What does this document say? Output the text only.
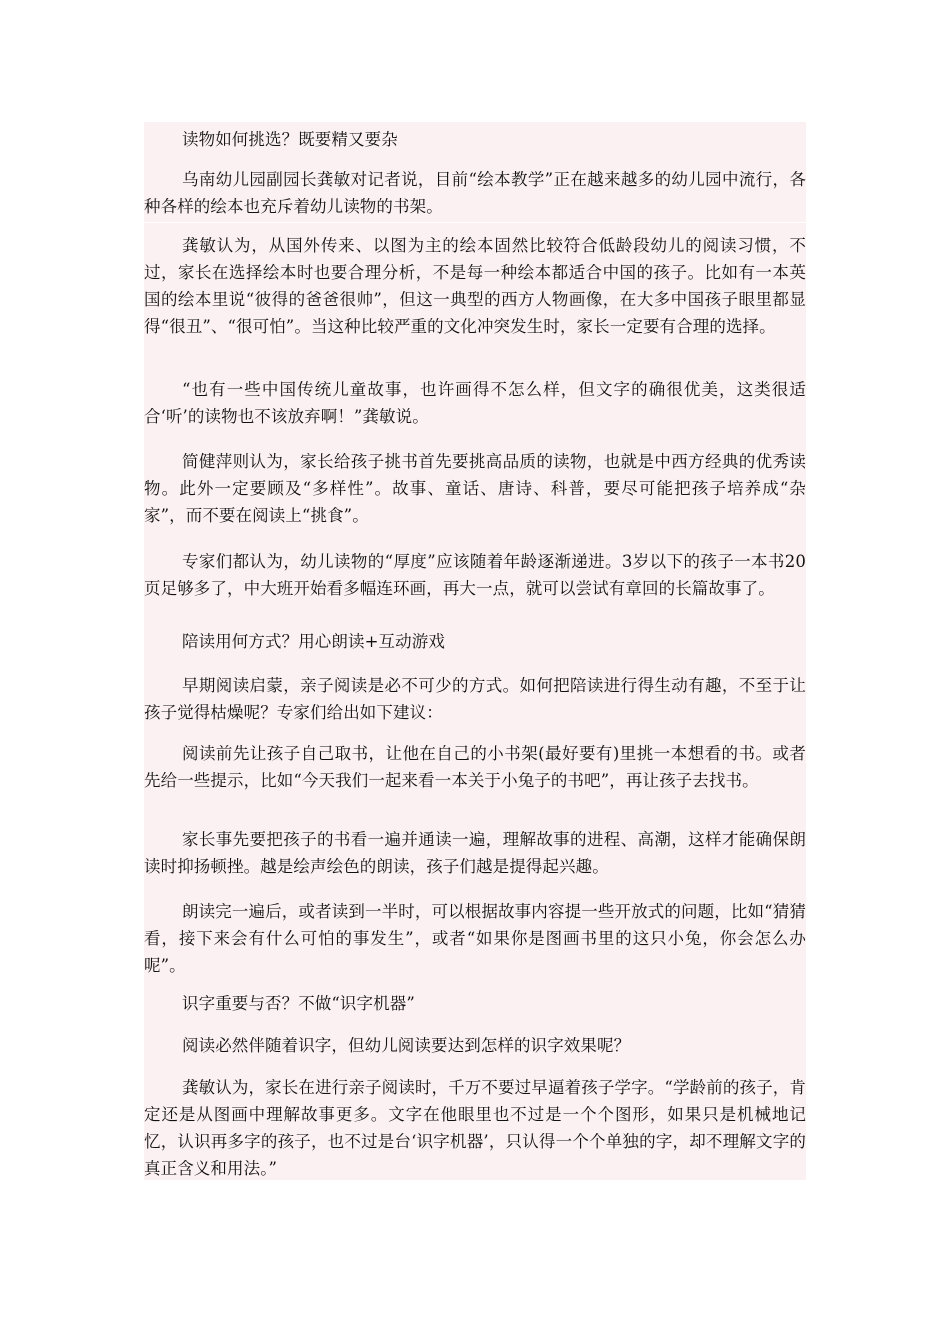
读物如何挑选？既要精又要杂

乌南幼儿园副园长龚敏对记者说，目前“绘本教学”正在越来越多的幼儿园中流行，各种各样的绘本也充斥着幼儿读物的书架。

龚敏认为，从国外传来、以图为主的绘本固然比较符合低龄段幼儿的阅读习惯，不过，家长在选择绘本时也要合理分析，不是每一种绘本都适合中国的孩子。比如有一本英国的绘本里说“彼得的爸爸很帅”，但这一典型的西方人物画像，在大多中国孩子眼里都显得“很丑”、“很可怕”。当这种比较严重的文化冲突发生时，家长一定要有合理的选择。

“也有一些中国传统儿童故事，也许画得不怎么样，但文字的确很优美，这类很适合‘听’的读物也不该放弃啊！”龚敏说。

简健萍则认为，家长给孩子挑书首先要挑高品质的读物，也就是中西方经典的优秀读物。此外一定要顾及“多样性”。故事、童话、唐诗、科普，要尽可能把孩子培养成“杂家”，而不要在阅读上“挑食”。

专家们都认为，幼儿读物的“厚度”应该随着年龄逐渐递进。3岁以下的孩子一本书20页足够多了，中大班开始看多幅连环画，再大一点，就可以尝试有章回的长篇故事了。

陪读用何方式？用心朗读+互动游戏

早期阅读启蒙，亲子阅读是必不可少的方式。如何把陪读进行得生动有趣，不至于让孩子觉得枯燥呢？专家们给出如下建议：

阅读前先让孩子自己取书，让他在自己的小书架(最好要有)里挑一本想看的书。或者先给一些提示，比如“今天我们一起来看一本关于小兔子的书吧”，再让孩子去找书。

家长事先要把孩子的书看一遍并通读一遍，理解故事的进程、高潮，这样才能确保朗读时抑扬顿挫。越是绘声绘色的朗读，孩子们越是提得起兴趣。

朗读完一遍后，或者读到一半时，可以根据故事内容提一些开放式的问题，比如“猜猜看，接下来会有什么可怕的事发生”，或者“如果你是图画书里的这只小兔，你会怎么办呢”。

识字重要与否？不做“识字机器”

阅读必然伴随着识字，但幼儿阅读要达到怎样的识字效果呢？

龚敏认为，家长在进行亲子阅读时，千万不要过早逼着孩子学字。“学龄前的孩子，肯定还是从图画中理解故事更多。文字在他眼里也不过是一个个图形，如果只是机械地记忆，认识再多字的孩子，也不过是台‘识字机器’，只认得一个个单独的字，却不理解文字的真正含义和用法。”
